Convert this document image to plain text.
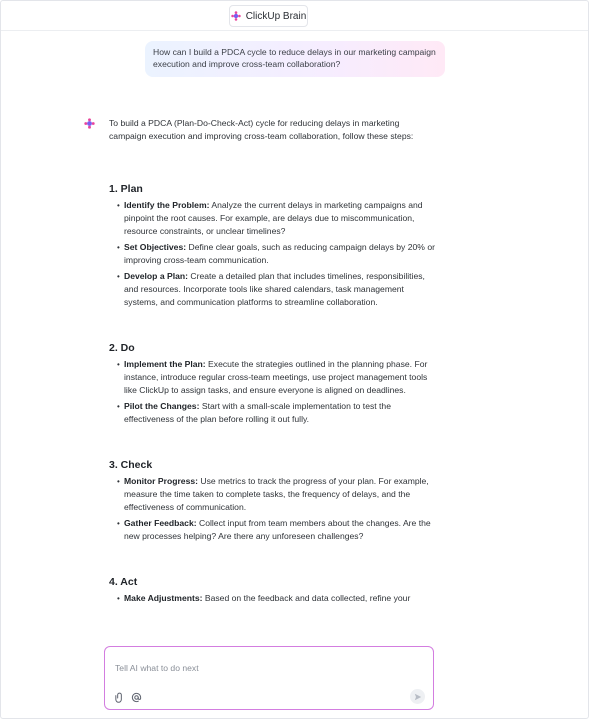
ClickUp Brain
How can I build a PDCA cycle to reduce delays in our marketing campaign execution and improve cross-team collaboration?

To build a PDCA (Plan-Do-Check-Act) cycle for reducing delays in marketing campaign execution and improving cross-team collaboration, follow these steps:

1. Plan
• Identify the Problem: Analyze the current delays in marketing campaigns and pinpoint the root causes. For example, are delays due to miscommunication, resource constraints, or unclear timelines?
• Set Objectives: Define clear goals, such as reducing campaign delays by 20% or improving cross-team communication.
• Develop a Plan: Create a detailed plan that includes timelines, responsibilities, and resources. Incorporate tools like shared calendars, task management systems, and communication platforms to streamline collaboration.
2. Do
• Implement the Plan: Execute the strategies outlined in the planning phase. For instance, introduce regular cross-team meetings, use project management tools like ClickUp to assign tasks, and ensure everyone is aligned on deadlines.
• Pilot the Changes: Start with a small-scale implementation to test the effectiveness of the plan before rolling it out fully.
3. Check
• Monitor Progress: Use metrics to track the progress of your plan. For example, measure the time taken to complete tasks, the frequency of delays, and the effectiveness of communication.
• Gather Feedback: Collect input from team members about the changes. Are the new processes helping? Are there any unforeseen challenges?
4. Act
• Make Adjustments: Based on the feedback and data collected, refine your
Tell AI what to do next
